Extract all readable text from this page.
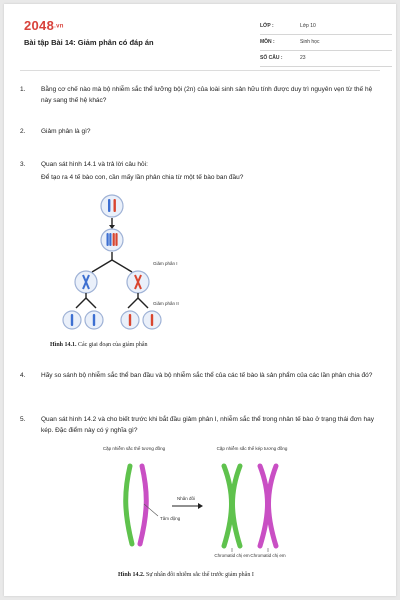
2048.vn
Bài tập Bài 14: Giảm phân có đáp án
LỚP :	Lớp 10
MÔN :	Sinh học
SỐ CÂU :	23
1. Bằng cơ chế nào mà bộ nhiễm sắc thể lưỡng bội (2n) của loài sinh sản hữu tính được duy trì nguyên vẹn từ thế hệ này sang thế hệ khác?
2. Giảm phân là gì?
3. Quan sát hình 14.1 và trả lời câu hỏi:
Để tạo ra 4 tế bào con, cần mấy lần phân chia từ một tế bào ban đầu?
Giảm phân I
Giảm phân II
Hình 14.1. Các giai đoạn của giảm phân
4. Hãy so sánh bộ nhiễm sắc thể ban đầu và bộ nhiễm sắc thể của các tế bào là sản phẩm của các lần phân chia đó?
5. Quan sát hình 14.2 và cho biết trước khi bắt đầu giảm phân I, nhiễm sắc thể trong nhân tế bào ở trạng thái đơn hay kép. Đặc điểm này có ý nghĩa gì?
Cặp nhiễm sắc thể tương đồng	Cặp nhiễm sắc thể kép tương đồng
Tâm động
Nhân đôi
Chromatid chị em Chromatid chị em
Hình 14.2. Sự nhân đôi nhiễm sắc thể trước giảm phân I
